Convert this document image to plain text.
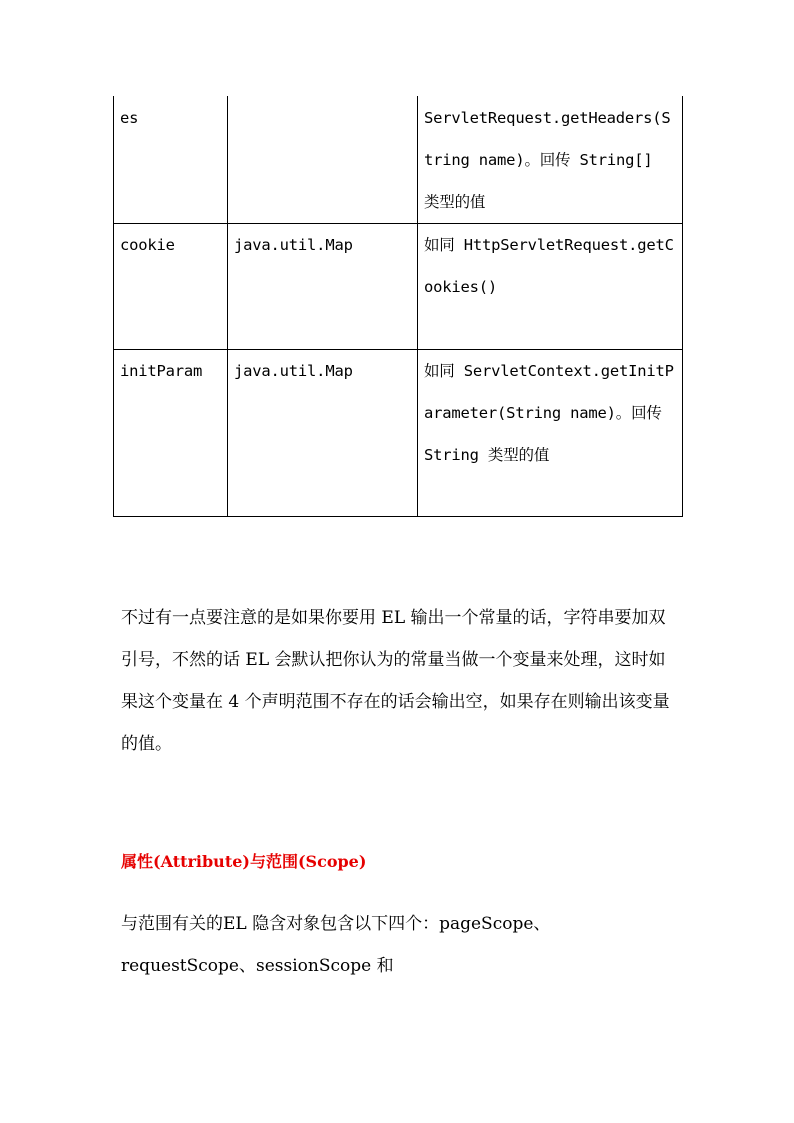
es		ServletRequest.getHeaders(String name)。回传 String[] 类型的值
cookie	java.util.Map	如同 HttpServletRequest.getCookies()
initParam	java.util.Map	如同 ServletContext.getInitParameter(String name)。回传 String 类型的值

不过有一点要注意的是如果你要用 EL 输出一个常量的话，字符串要加双引号，不然的话 EL 会默认把你认为的常量当做一个变量来处理，这时如果这个变量在 4 个声明范围不存在的话会输出空，如果存在则输出该变量的值。

属性(Attribute)与范围(Scope)

与范围有关的EL 隐含对象包含以下四个：pageScope、requestScope、sessionScope 和
